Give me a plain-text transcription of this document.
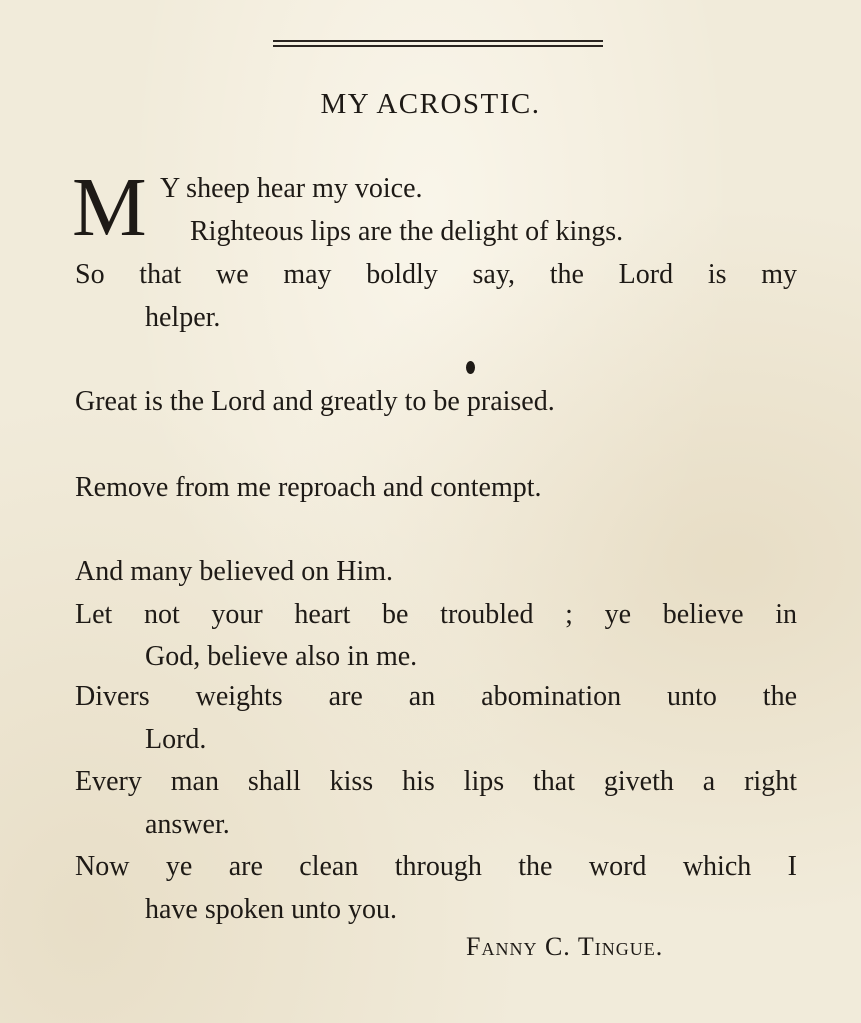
MY ACROSTIC.
M Y sheep hear my voice.
Righteous lips are the delight of kings.
So that we may boldly say, the Lord is my
helper.
Great is the Lord and greatly to be praised.
Remove from me reproach and contempt.
And many believed on Him.
Let not your heart be troubled ; ye believe in
God, believe also in me.
Divers weights are an abomination unto the
Lord.
Every man shall kiss his lips that giveth a right
answer.
Now ye are clean through the word which I
have spoken unto you.
Fanny C. Tingue.
